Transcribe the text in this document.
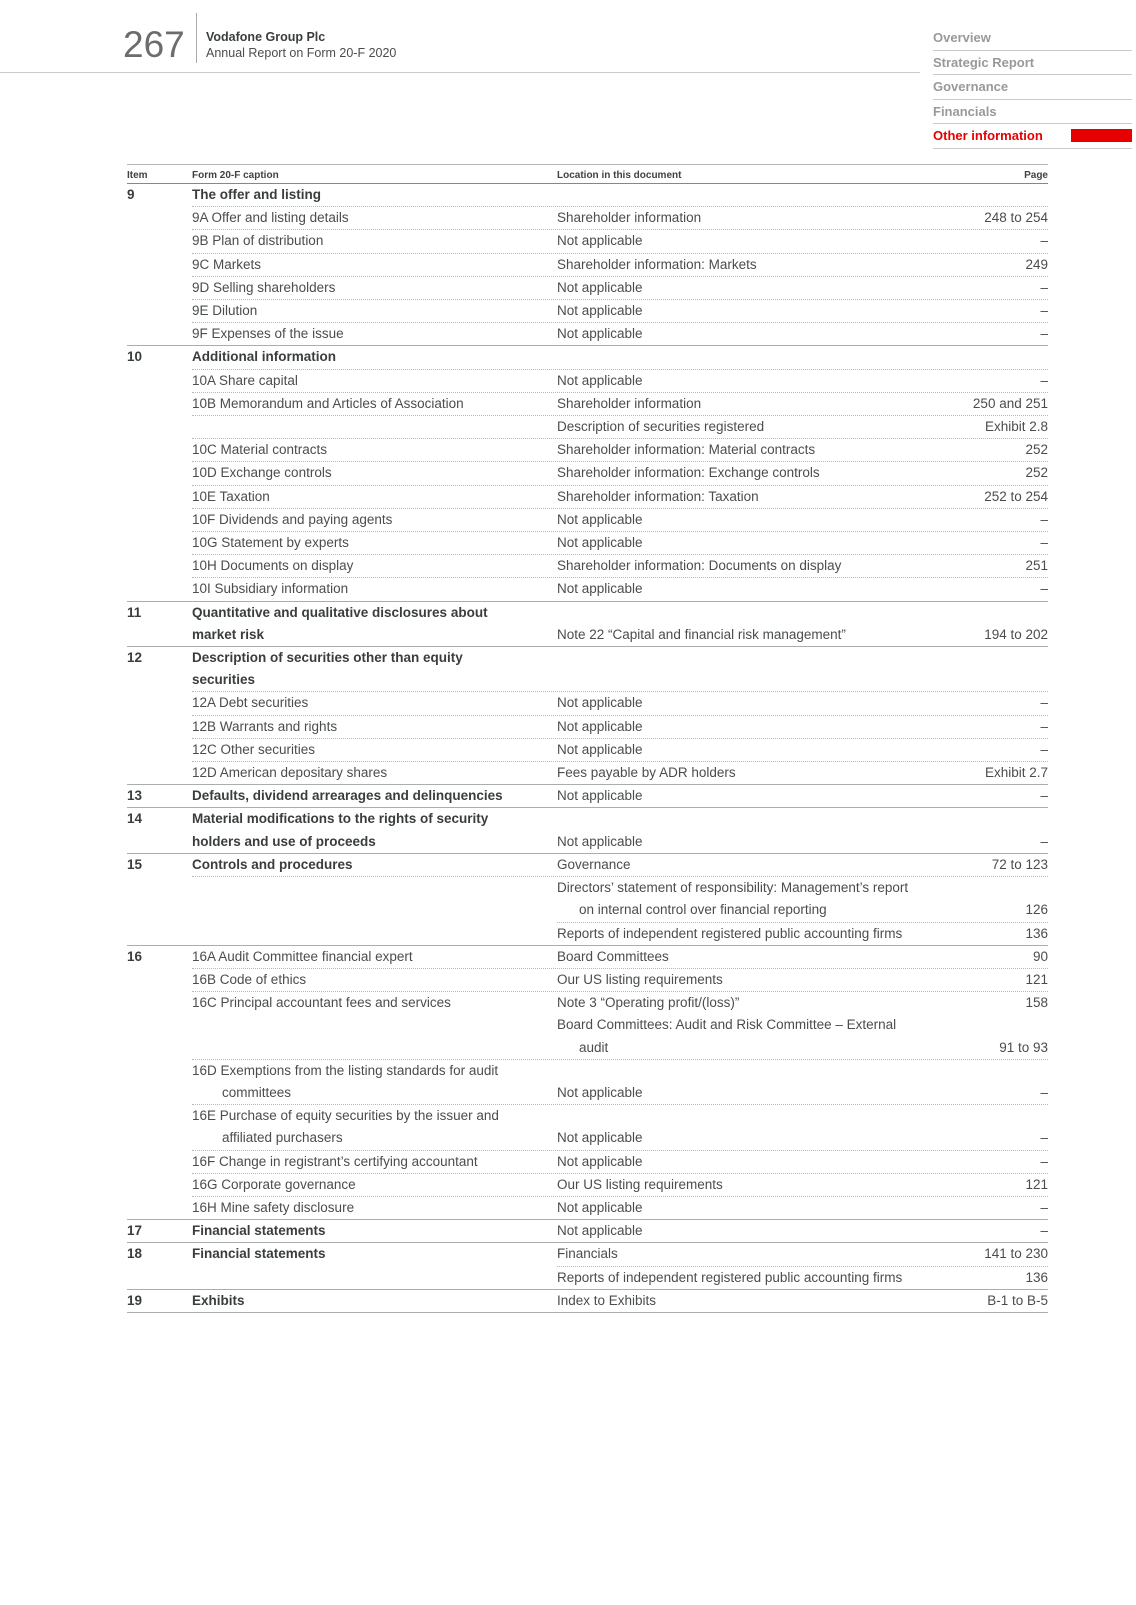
267 Vodafone Group Plc
Annual Report on Form 20-F 2020
Overview
Strategic Report
Governance
Financials
Other information
Item	Form 20-F caption	Location in this document	Page
9	The offer and listing
9A Offer and listing details	Shareholder information	248 to 254
9B Plan of distribution	Not applicable	–
9C Markets	Shareholder information: Markets	249
9D Selling shareholders	Not applicable	–
9E Dilution	Not applicable	–
9F Expenses of the issue	Not applicable	–
10	Additional information
10A Share capital	Not applicable	–
10B Memorandum and Articles of Association	Shareholder information	250 and 251
Description of securities registered	Exhibit 2.8
10C Material contracts	Shareholder information: Material contracts	252
10D Exchange controls	Shareholder information: Exchange controls	252
10E Taxation	Shareholder information: Taxation	252 to 254
10F Dividends and paying agents	Not applicable	–
10G Statement by experts	Not applicable	–
10H Documents on display	Shareholder information: Documents on display	251
10I Subsidiary information	Not applicable	–
11	Quantitative and qualitative disclosures about
market risk	Note 22 “Capital and financial risk management”	194 to 202
12	Description of securities other than equity
securities
12A Debt securities	Not applicable	–
12B Warrants and rights	Not applicable	–
12C Other securities	Not applicable	–
12D American depositary shares	Fees payable by ADR holders	Exhibit 2.7
13	Defaults, dividend arrearages and delinquencies	Not applicable	–
14	Material modifications to the rights of security
holders and use of proceeds	Not applicable	–
15	Controls and procedures	Governance	72 to 123
Directors’ statement of responsibility: Management’s report
on internal control over financial reporting	126
Reports of independent registered public accounting firms	136
16	16A Audit Committee financial expert	Board Committees	90
16B Code of ethics	Our US listing requirements	121
16C Principal accountant fees and services	Note 3 “Operating profit/(loss)”	158
Board Committees: Audit and Risk Committee – External
audit	91 to 93
16D Exemptions from the listing standards for audit
committees	Not applicable	–
16E Purchase of equity securities by the issuer and
affiliated purchasers	Not applicable	–
16F Change in registrant’s certifying accountant	Not applicable	–
16G Corporate governance	Our US listing requirements	121
16H Mine safety disclosure	Not applicable	–
17	Financial statements	Not applicable	–
18	Financial statements	Financials	141 to 230
Reports of independent registered public accounting firms	136
19	Exhibits	Index to Exhibits	B-1 to B-5
